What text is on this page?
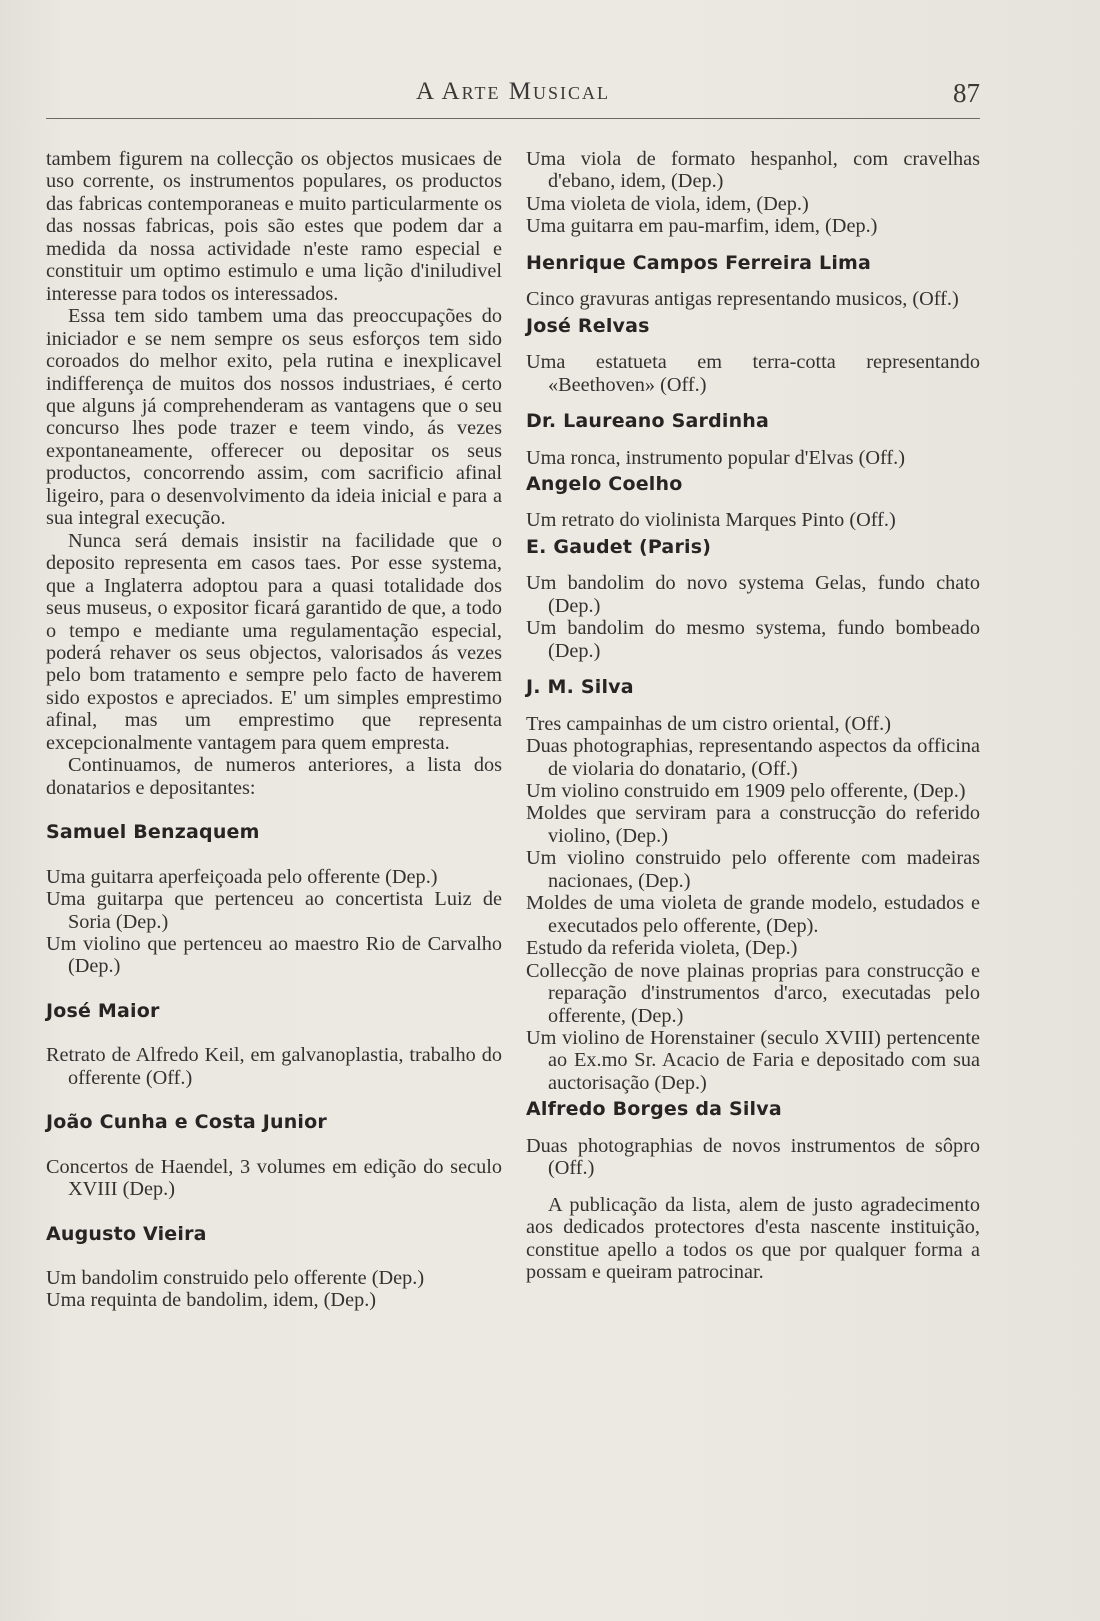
A Arte Musical	87

tambem figurem na collecção os objectos musicaes de uso corrente, os instrumentos populares, os productos das fabricas contemporaneas e muito particularmente os das nossas fabricas, pois são estes que podem dar a medida da nossa actividade n'este ramo especial e constituir um optimo estimulo e uma lição d'iniludivel interesse para todos os interessados.

Essa tem sido tambem uma das preoccupações do iniciador e se nem sempre os seus esforços tem sido coroados do melhor exito, pela rutina e inexplicavel indifferença de muitos dos nossos industriaes, é certo que alguns já comprehenderam as vantagens que o seu concurso lhes pode trazer e teem vindo, ás vezes expontaneamente, offerecer ou depositar os seus productos, concorrendo assim, com sacrificio afinal ligeiro, para o desenvolvimento da ideia inicial e para a sua integral execução.

Nunca será demais insistir na facilidade que o deposito representa em casos taes. Por esse systema, que a Inglaterra adoptou para a quasi totalidade dos seus museus, o expositor ficará garantido de que, a todo o tempo e mediante uma regulamentação especial, poderá rehaver os seus objectos, valorisados ás vezes pelo bom tratamento e sempre pelo facto de haverem sido expostos e apreciados. E' um simples emprestimo afinal, mas um emprestimo que representa excepcionalmente vantagem para quem empresta.

Continuamos, de numeros anteriores, a lista dos donatarios e depositantes:

Samuel Benzaquem

Uma guitarra aperfeiçoada pelo offerente (Dep.)

Uma guitarpa que pertenceu ao concertista Luiz de Soria (Dep.)

Um violino que pertenceu ao maestro Rio de Carvalho (Dep.)

José Maior

Retrato de Alfredo Keil, em galvanoplastia, trabalho do offerente (Off.)

João Cunha e Costa Junior

Concertos de Haendel, 3 volumes em edição do seculo XVIII (Dep.)

Augusto Vieira

Um bandolim construido pelo offerente (Dep.)

Uma requinta de bandolim, idem, (Dep.)

Uma viola de formato hespanhol, com cravelhas d'ebano, idem, (Dep.)

Uma violeta de viola, idem, (Dep.)

Uma guitarra em pau-marfim, idem, (Dep.)

Henrique Campos Ferreira Lima

Cinco gravuras antigas representando musicos, (Off.)

José Relvas

Uma estatueta em terra-cotta representando «Beethoven» (Off.)

Dr. Laureano Sardinha

Uma ronca, instrumento popular d'Elvas (Off.)

Angelo Coelho

Um retrato do violinista Marques Pinto (Off.)

E. Gaudet (Paris)

Um bandolim do novo systema Gelas, fundo chato (Dep.)

Um bandolim do mesmo systema, fundo bombeado (Dep.)

J. M. Silva

Tres campainhas de um cistro oriental, (Off.)

Duas photographias, representando aspectos da officina de violaria do donatario, (Off.)

Um violino construido em 1909 pelo offerente, (Dep.)

Moldes que serviram para a construcção do referido violino, (Dep.)

Um violino construido pelo offerente com madeiras nacionaes, (Dep.)

Moldes de uma violeta de grande modelo, estudados e executados pelo offerente, (Dep).

Estudo da referida violeta, (Dep.)

Collecção de nove plainas proprias para construcção e reparação d'instrumentos d'arco, executadas pelo offerente, (Dep.)

Um violino de Horenstainer (seculo XVIII) pertencente ao Ex.mo Sr. Acacio de Faria e depositado com sua auctorisação (Dep.)

Alfredo Borges da Silva

Duas photographias de novos instrumentos de sôpro (Off.)

A publicação da lista, alem de justo agradecimento aos dedicados protectores d'esta nascente instituição, constitue apello a todos os que por qualquer forma a possam e queiram patrocinar.
